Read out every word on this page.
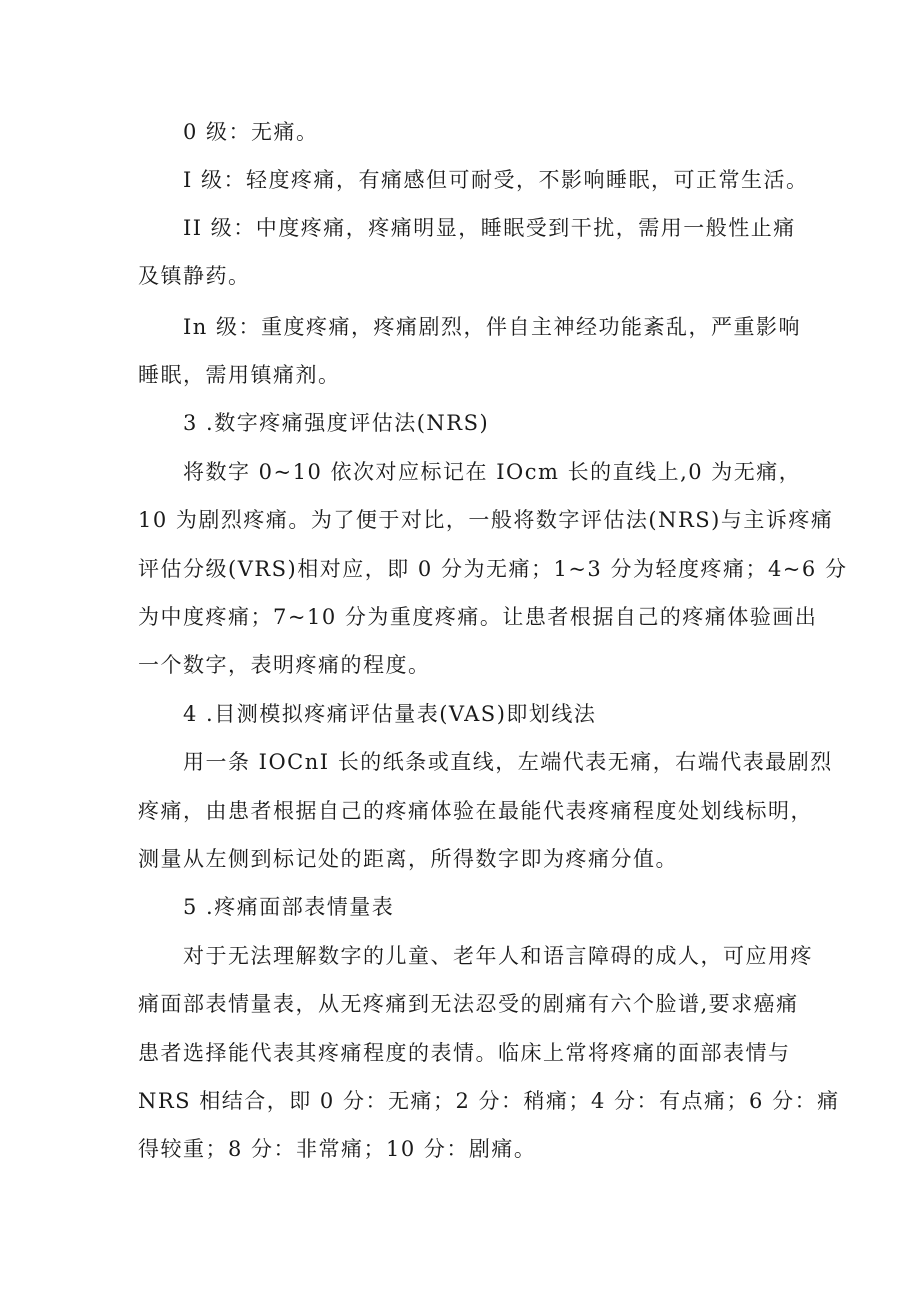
0 级：无痛。
I 级：轻度疼痛，有痛感但可耐受，不影响睡眠，可正常生活。
II 级：中度疼痛，疼痛明显，睡眠受到干扰，需用一般性止痛
及镇静药。
In 级：重度疼痛，疼痛剧烈，伴自主神经功能紊乱，严重影响
睡眠，需用镇痛剂。
3 .数字疼痛强度评估法(NRS)
将数字 0~10 依次对应标记在 IOcm 长的直线上,0 为无痛，
10 为剧烈疼痛。为了便于对比，一般将数字评估法(NRS)与主诉疼痛
评估分级(VRS)相对应，即 0 分为无痛；1~3 分为轻度疼痛；4~6 分
为中度疼痛；7~10 分为重度疼痛。让患者根据自己的疼痛体验画出
一个数字，表明疼痛的程度。
4 .目测模拟疼痛评估量表(VAS)即划线法
用一条 IOCnI 长的纸条或直线，左端代表无痛，右端代表最剧烈
疼痛，由患者根据自己的疼痛体验在最能代表疼痛程度处划线标明，
测量从左侧到标记处的距离，所得数字即为疼痛分值。
5 .疼痛面部表情量表
对于无法理解数字的儿童、老年人和语言障碍的成人，可应用疼
痛面部表情量表，从无疼痛到无法忍受的剧痛有六个脸谱,要求癌痛
患者选择能代表其疼痛程度的表情。临床上常将疼痛的面部表情与
NRS 相结合，即 0 分：无痛；2 分：稍痛；4 分：有点痛；6 分：痛
得较重；8 分：非常痛；10 分：剧痛。
